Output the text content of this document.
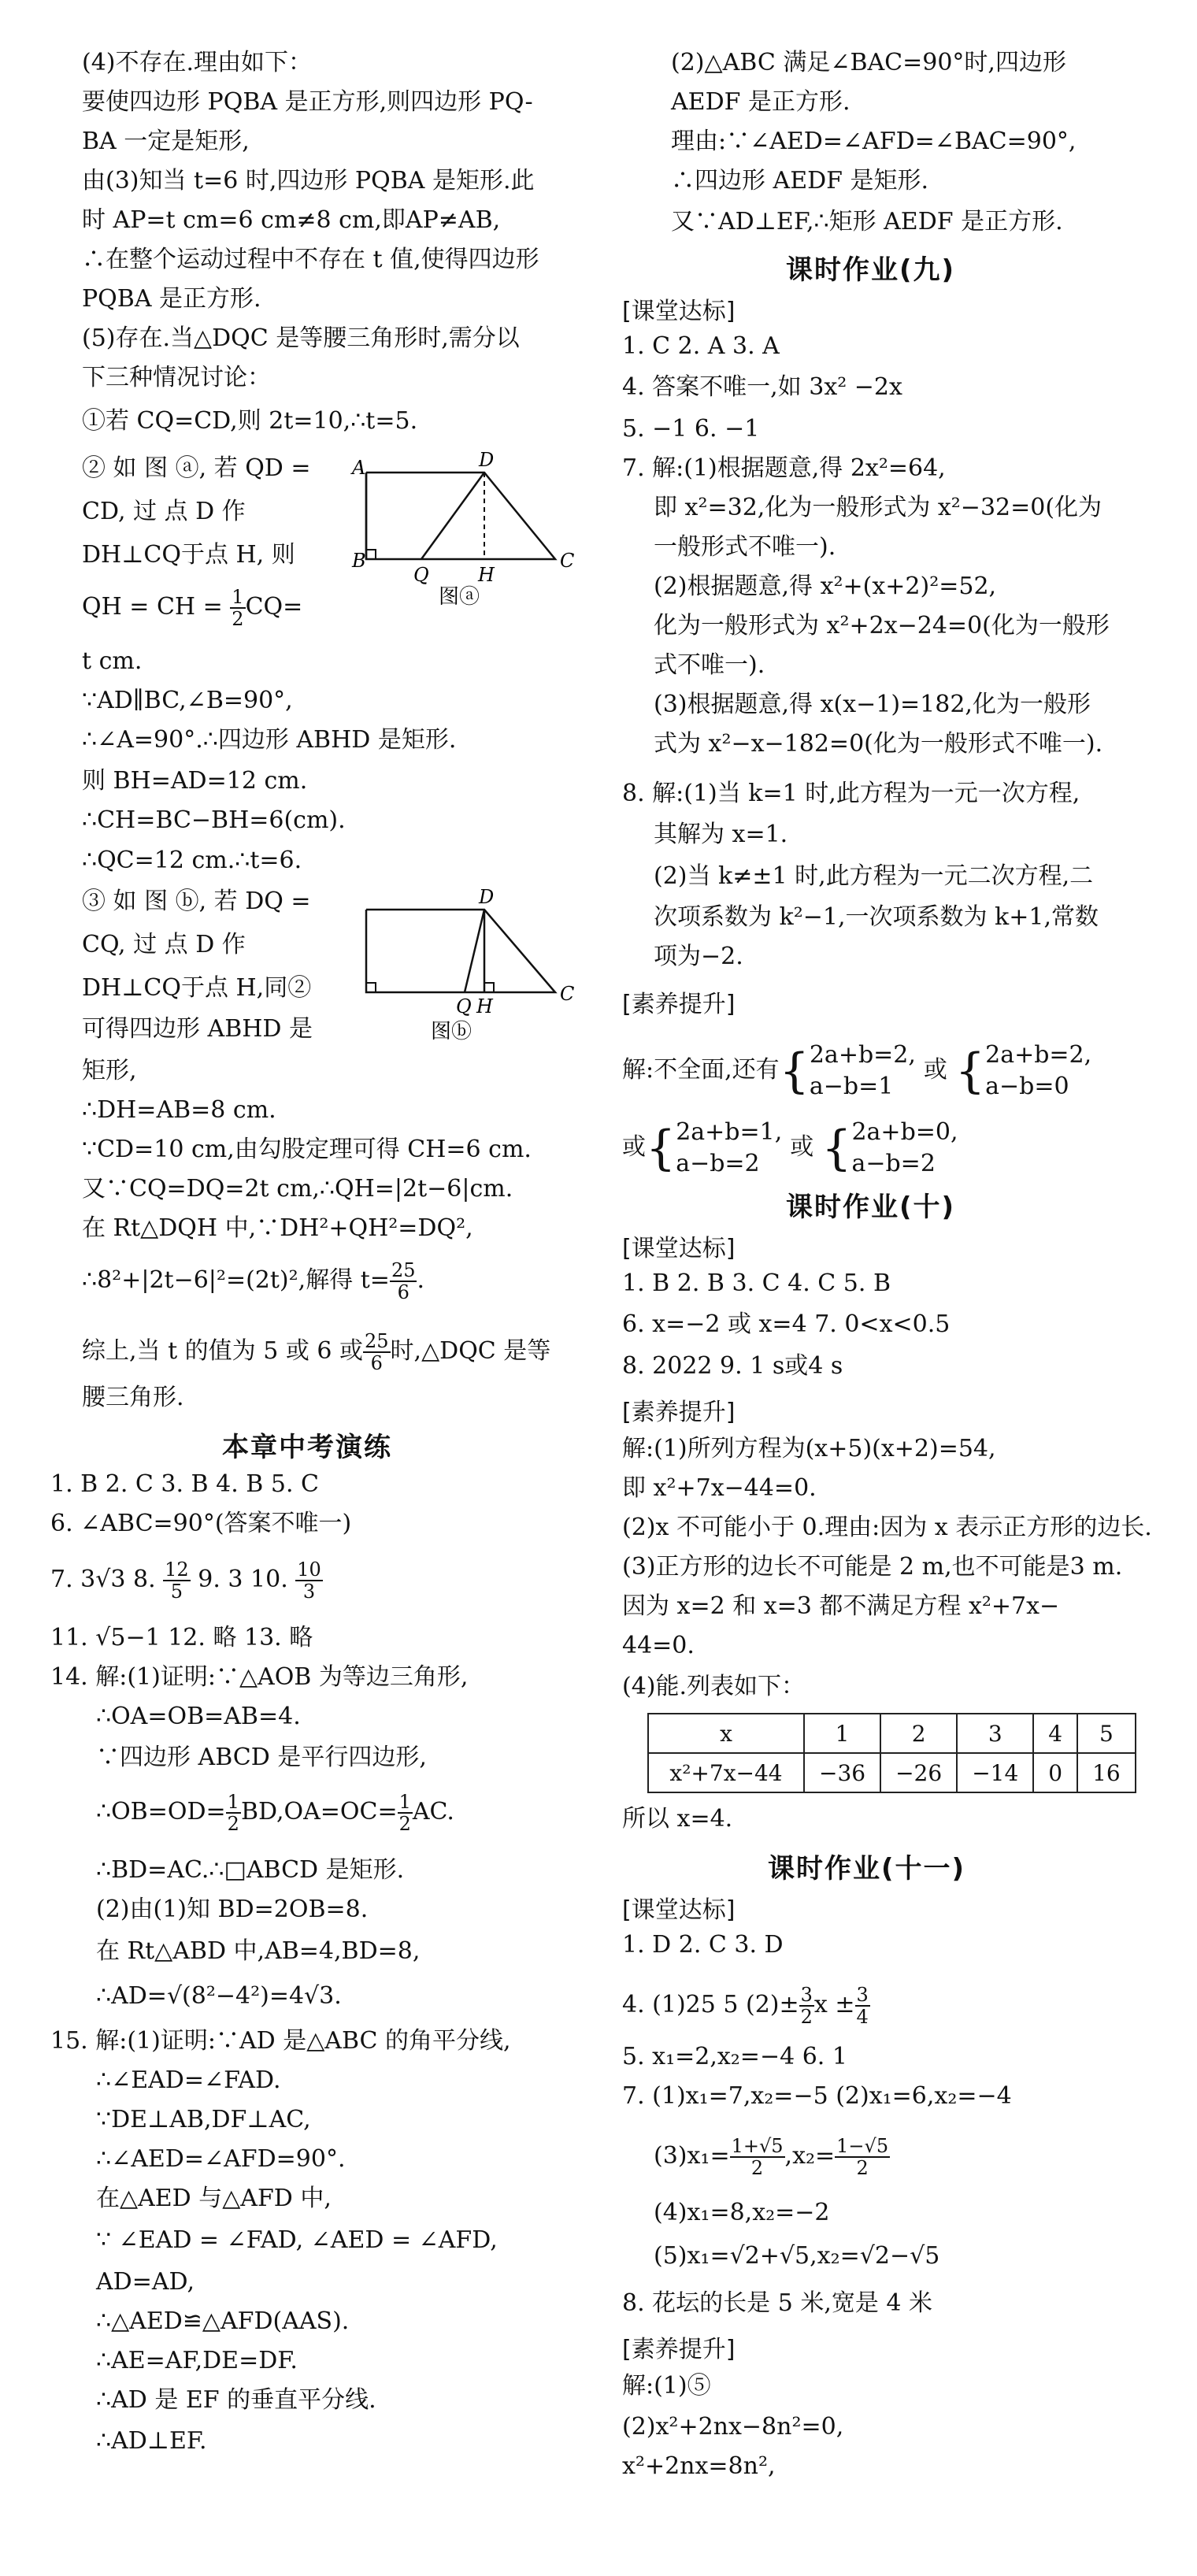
(4)不存在.理由如下：
要使四边形 PQBA 是正方形,则四边形 PQ-
BA 一定是矩形,
由(3)知当 t=6 时,四边形 PQBA 是矩形.此
时 AP=t cm=6 cm≠8 cm,即AP≠AB,
∴在整个运动过程中不存在 t 值,使得四边形
PQBA 是正方形.
(5)存在.当△DQC 是等腰三角形时,需分以
下三种情况讨论：
①若 CQ=CD,则 2t=10,∴t=5.
② 如 图 ⓐ, 若 QD =
CD, 过 点 D 作
DH⊥CQ于点 H, 则
QH = CH = $\frac{1}{2} CQ=$
t cm.
A
B
D
C
Q	H
图ⓐ
∵AD∥BC,∠B=90°,
∴∠A=90°.∴四边形 ABHD 是矩形.
则 BH=AD=12 cm.
∴CH=BC−BH=6(cm).
∴QC=12 cm.∴t=6.
③ 如 图 ⓑ, 若 DQ =
CQ, 过 点 D 作
DH⊥CQ于点 H,同②
可得四边形 ABHD 是
矩形,
D
C
Q H
图ⓑ
∴DH=AB=8 cm.
∵CD=10 cm,由勾股定理可得 CH=6 cm.
又∵CQ=DQ=2t cm,∴QH=|2t−6|cm.
在 Rt△DQH 中,∵DH²+QH²=DQ²,
∴8²+|2t−6|²=(2t)²,解得 $t= \frac{25}{6}$ .
综上,当 t 的值为 5 或 6 或 $\frac{25}{6}$ 时,△DQC 是等
腰三角形.
本章中考演练
1. B 2. C 3. B 4. B 5. C
6. ∠ABC=90°(答案不唯一)
7. 3√3 8. $\frac{12}{5} 9$. 3 10. $\frac{10}{3}$
11. √5−1 12. 略 13. 略
14. 解:(1)证明:∵△AOB 为等边三角形,
∴OA=OB=AB=4.
∵四边形 ABCD 是平行四边形,
∴OB=OD= $\frac{1}{2} BD,OA=OC= \frac{1}{2}$ AC.
∴BD=AC.∴□ABCD 是矩形.
(2)由(1)知 BD=2OB=8.
在 Rt△ABD 中,AB=4,BD=8,
∴AD=√(8²−4²)=4√3.
15. 解:(1)证明:∵AD 是△ABC 的角平分线,
∴∠EAD=∠FAD.
∵DE⊥AB,DF⊥AC,
∴∠AED=∠AFD=90°.
在△AED 与△AFD 中,
∵ ∠EAD = ∠FAD, ∠AED = ∠AFD,
AD=AD,
∴△AED≌△AFD(AAS).
∴AE=AF,DE=DF.
∴AD 是 EF 的垂直平分线.
∴AD⊥EF.
(2)△ABC 满足∠BAC=90°时,四边形
AEDF 是正方形.
理由:∵∠AED=∠AFD=∠BAC=90°,
∴四边形 AEDF 是矩形.
又∵AD⊥EF,∴矩形 AEDF 是正方形.
课时作业(九)
[课堂达标]
1. C 2. A 3. A
4. 答案不唯一,如 3x² −2x
5. −1 6. −1
7. 解:(1)根据题意,得 2x²=64,
即 x²=32,化为一般形式为 x²−32=0(化为
一般形式不唯一).
(2)根据题意,得 x²+(x+2)²=52,
化为一般形式为 x²+2x−24=0(化为一般形
式不唯一).
(3)根据题意,得 x(x−1)=182,化为一般形
式为 x²−x−182=0(化为一般形式不唯一).
8. 解:(1)当 k=1 时,此方程为一元一次方程,
其解为 x=1.
(2)当 k≠±1 时,此方程为一元二次方程,二
次项系数为 k²−1,一次项系数为 k+1,常数
项为−2.
[素养提升]
解:不全面,还有{2a+b=2,
a−b=1或 {2a+b=2,
a−b=0
或{2a+b=1,
a−b=2或 {2a+b=0,
a−b=2
课时作业(十)
[课堂达标]
1. B 2. B 3. C 4. C 5. B
6. x=−2 或 x=4 7. 0<x<0.5
8. 2022 9. 1 s或4 s
[素养提升]
解:(1)所列方程为(x+5)(x+2)=54,
即 x²+7x−44=0.
(2)x 不可能小于 0.理由:因为 x 表示正方形的边长.
(3)正方形的边长不可能是 2 m,也不可能是3 m.
因为 x=2 和 x=3 都不满足方程 x²+7x−
44=0.
(4)能.列表如下：
x	1	2	3	4	5
x²+7x−44	−36	−26	−14	0	16
所以 x=4.
课时作业(十一)
[课堂达标]
1. D 2. C 3. D
4. (1)25 5 $(2)\pm \frac{3}{2}$ $x \pm \frac{3}{4}$
5. x₁=2,x₂=−4 6. 1
7. (1)x₁=7,x₂=−5 (2)x₁=6,x₂=−4
$(3)x_1= \frac{1+√5}{2} ,x_2= \frac{1-√5}{2}$
(4)x₁=8,x₂=−2
(5)x₁=√2+√5,x₂=√2−√5
8. 花坛的长是 5 米,宽是 4 米
[素养提升]
解:(1)⑤
(2)x²+2nx−8n²=0,
x²+2nx=8n²,
